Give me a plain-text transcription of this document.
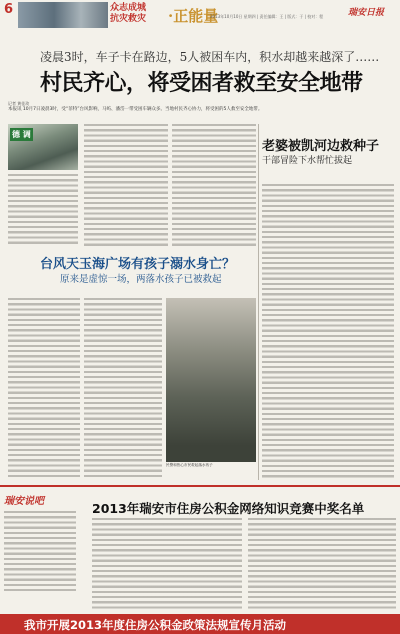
6	众志成城
抗灾救灾	·正能量
2013年10月10日 星期四 | 责任编辑：王 | 版式：于 | 校对：程	瑞安日报
凌晨3时，车子卡在路边，5人被困车内，积水却越来越深了……
村民齐心，将受困者救至安全地带
记者 黄佳玫
本报讯 10月7日凌晨3时，受“菲特”台风影响，马屿、潘岱一带受困车辆众多。当地村民齐心协力，将受困的5人救至安全地带。
德 调
老婆被凯河边救种子
干部冒险下水帮忙拔起
台风天玉海广场有孩子溺水身亡？
原来是虚惊一场，两落水孩子已被救起
民警和热心市民救起落水孩子
瑞安说吧	2013年瑞安市住房公积金网络知识竞赛中奖名单
我市开展2013年度住房公积金政策法规宣传月活动
